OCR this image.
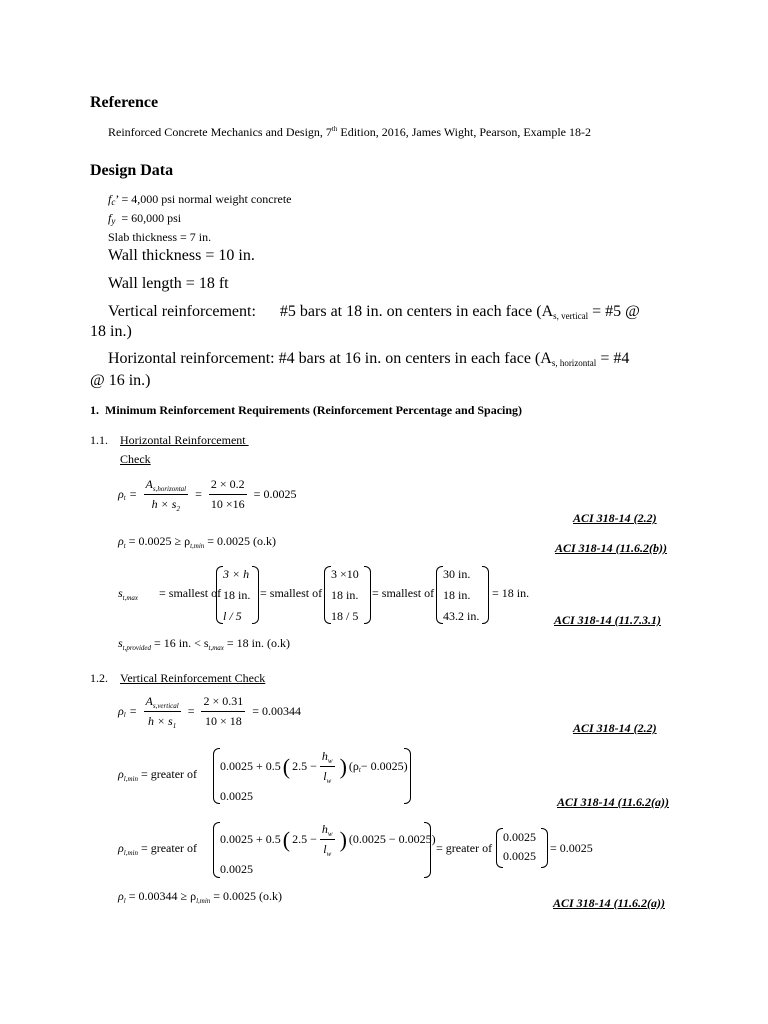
Reference
Reinforced Concrete Mechanics and Design, 7th Edition, 2016, James Wight, Pearson, Example 18-2
Design Data
fc’ = 4,000 psi normal weight concrete
fy  = 60,000 psi
Slab thickness = 7 in.
Wall thickness = 10 in.
Wall length = 18 ft
Vertical reinforcement:      #5 bars at 18 in. on centers in each face (As, vertical = #5 @
18 in.)
Horizontal reinforcement: #4 bars at 16 in. on centers in each face (As, horizontal = #4
@ 16 in.)
1.  Minimum Reinforcement Requirements (Reinforcement Percentage and Spacing)
1.1. Horizontal Reinforcement
Check
ρ $t = \frac{A_{s,horizontal}}{h \times s_2} = \frac{2 \times 0.2}{10 \times 16} = 0.0025$
ACI 318-14 (2.2)
$\rho_t = 0.0025 \ge \rho_{t,min} = 0.0025$ (o.k)	ACI 318-14 (11.6.2(b))
$s_{t,max}$ = smallest of
3 × h
18 in.
l / 5
= smallest of
3 ×10
18 in.
18 / 5
= smallest of
30 in.
18 in.
43.2 in.
= 18 in.
ACI 318-14 (11.7.3.1)
$s_{t,provided} = 16$ in. < $s_{t,max} = 18$ in. (o.k)
1.2. Vertical Reinforcement Check
ρ $l = \frac{A_{s,vertical}}{h \times s_1} = \frac{2 \times 0.31}{10 \times 18} = 0.00344$
ACI 318-14 (2.2)
$\rho_{l,min}$ = greater of
0.0025 + 0.5 ( $2.5 - \frac{h_w}{l_w}$ ) (ρ t − 0.0025)
0.0025	ACI 318-14 (11.6.2(a))
$\rho_{l,min}$ = greater of
0.0025 + 0.5 ( $2.5 - \frac{h_w}{l_w}$ ) (0.0025 − 0.0025)
0.0025
= greater of
0.0025
0.0025
= 0.0025
$\rho_l = 0.00344 \ge \rho_{l,min} = 0.0025$ (o.k)	ACI 318-14 (11.6.2(a))
